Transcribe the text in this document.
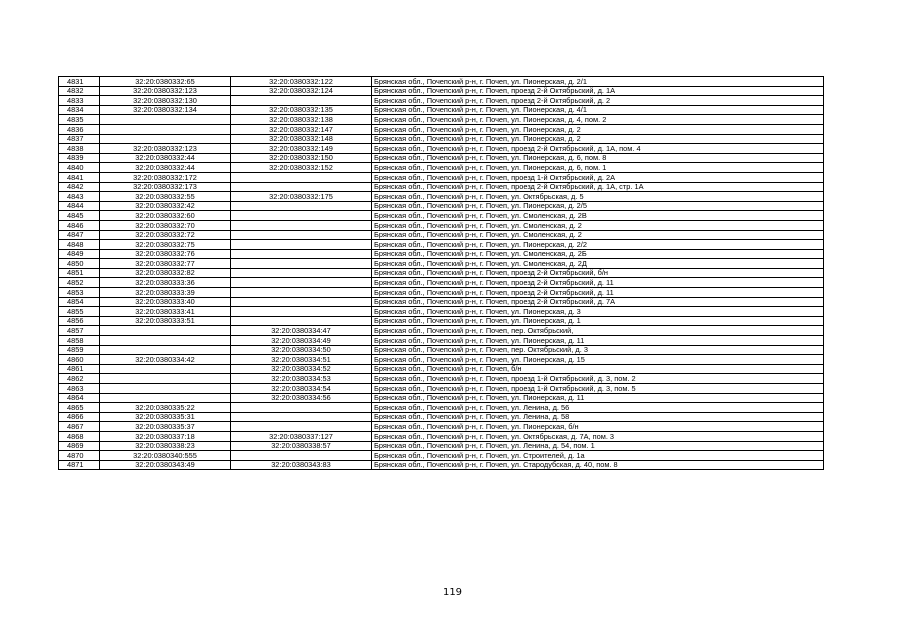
4831	32:20:0380332:65	32:20:0380332:122	Брянская обл., Почепский р-н, г. Почеп, ул. Пионерская, д. 2/1
4832	32:20:0380332:123	32:20:0380332:124	Брянская обл., Почепский р-н, г. Почеп, проезд 2-й Октябрьский, д. 1А
4833	32:20:0380332:130		Брянская обл., Почепский р-н, г. Почеп, проезд 2-й Октябрьский, д. 2
4834	32:20:0380332:134	32:20:0380332:135	Брянская обл., Почепский р-н, г. Почеп, ул. Пионерская, д. 4/1
4835		32:20:0380332:138	Брянская обл., Почепский р-н, г. Почеп, ул. Пионерская, д. 4, пом. 2
4836		32:20:0380332:147	Брянская обл., Почепский р-н, г. Почеп, ул. Пионерская, д. 2
4837		32:20:0380332:148	Брянская обл., Почепский р-н, г. Почеп, ул. Пионерская, д. 2
4838	32:20:0380332:123	32:20:0380332:149	Брянская обл., Почепский р-н, г. Почеп, проезд 2-й Октябрьский, д. 1А, пом. 4
4839	32:20:0380332:44	32:20:0380332:150	Брянская обл., Почепский р-н, г. Почеп, ул. Пионерская, д. 6, пом. 8
4840	32:20:0380332:44	32:20:0380332:152	Брянская обл., Почепский р-н, г. Почеп, ул. Пионерская, д. 6, пом. 1
4841	32:20:0380332:172		Брянская обл., Почепский р-н, г. Почеп, проезд 1-й Октябрьский, д. 2А
4842	32:20:0380332:173		Брянская обл., Почепский р-н, г. Почеп, проезд 2-й Октябрьский, д. 1А, стр. 1А
4843	32:20:0380332:55	32:20:0380332:175	Брянская обл., Почепский р-н, г. Почеп, ул. Октябрьская, д. 5
4844	32:20:0380332:42		Брянская обл., Почепский р-н, г. Почеп, ул. Пионерская, д. 2/5
4845	32:20:0380332:60		Брянская обл., Почепский р-н, г. Почеп, ул. Смоленская, д. 2В
4846	32:20:0380332:70		Брянская обл., Почепский р-н, г. Почеп, ул. Смоленская, д. 2
4847	32:20:0380332:72		Брянская обл., Почепский р-н, г. Почеп, ул. Смоленская, д. 2
4848	32:20:0380332:75		Брянская обл., Почепский р-н, г. Почеп, ул. Пионерская, д. 2/2
4849	32:20:0380332:76		Брянская обл., Почепский р-н, г. Почеп, ул. Смоленская, д. 2Б
4850	32:20:0380332:77		Брянская обл., Почепский р-н, г. Почеп, ул. Смоленская, д. 2Д
4851	32:20:0380332:82		Брянская обл., Почепский р-н, г. Почеп, проезд 2-й Октябрьский, б/н
4852	32:20:0380333:36		Брянская обл., Почепский р-н, г. Почеп, проезд 2-й Октябрьский, д. 11
4853	32:20:0380333:39		Брянская обл., Почепский р-н, г. Почеп, проезд 2-й Октябрьский, д. 11
4854	32:20:0380333:40		Брянская обл., Почепский р-н, г. Почеп, проезд 2-й Октябрьский, д. 7А
4855	32:20:0380333:41		Брянская обл., Почепский р-н, г. Почеп, ул. Пионерская, д. 3
4856	32:20:0380333:51		Брянская обл., Почепский р-н, г. Почеп, ул. Пионерская, д. 1
4857		32:20:0380334:47	Брянская обл., Почепский р-н, г. Почеп, пер. Октябрьский,
4858		32:20:0380334:49	Брянская обл., Почепский р-н, г. Почеп, ул. Пионерская, д. 11
4859		32:20:0380334:50	Брянская обл., Почепский р-н, г. Почеп, пер. Октябрьский, д. 3
4860	32:20:0380334:42	32:20:0380334:51	Брянская обл., Почепский р-н, г. Почеп, ул. Пионерская, д. 15
4861		32:20:0380334:52	Брянская обл., Почепский р-н, г. Почеп, б/н
4862		32:20:0380334:53	Брянская обл., Почепский р-н, г. Почеп, проезд 1-й Октябрьский, д. 3, пом. 2
4863		32:20:0380334:54	Брянская обл., Почепский р-н, г. Почеп, проезд 1-й Октябрьский, д. 3, пом. 5
4864		32:20:0380334:56	Брянская обл., Почепский р-н, г. Почеп, ул. Пионерская, д. 11
4865	32:20:0380335:22		Брянская обл., Почепский р-н, г. Почеп, ул. Ленина, д. 56
4866	32:20:0380335:31		Брянская обл., Почепский р-н, г. Почеп, ул. Ленина, д. 58
4867	32:20:0380335:37		Брянская обл., Почепский р-н, г. Почеп, ул. Пионерская, б/н
4868	32:20:0380337:18	32:20:0380337:127	Брянская обл., Почепский р-н, г. Почеп, ул. Октябрьская, д. 7А, пом. 3
4869	32:20:0380338:23	32:20:0380338:57	Брянская обл., Почепский р-н, г. Почеп, ул. Ленина, д. 54, пом. 1
4870	32:20:0380340:555		Брянская обл., Почепский р-н, г. Почеп, ул. Строителей, д. 1а
4871	32:20:0380343:49	32:20:0380343:83	Брянская обл., Почепский р-н, г. Почеп, ул. Стародубская, д. 40, пом. 8
119
